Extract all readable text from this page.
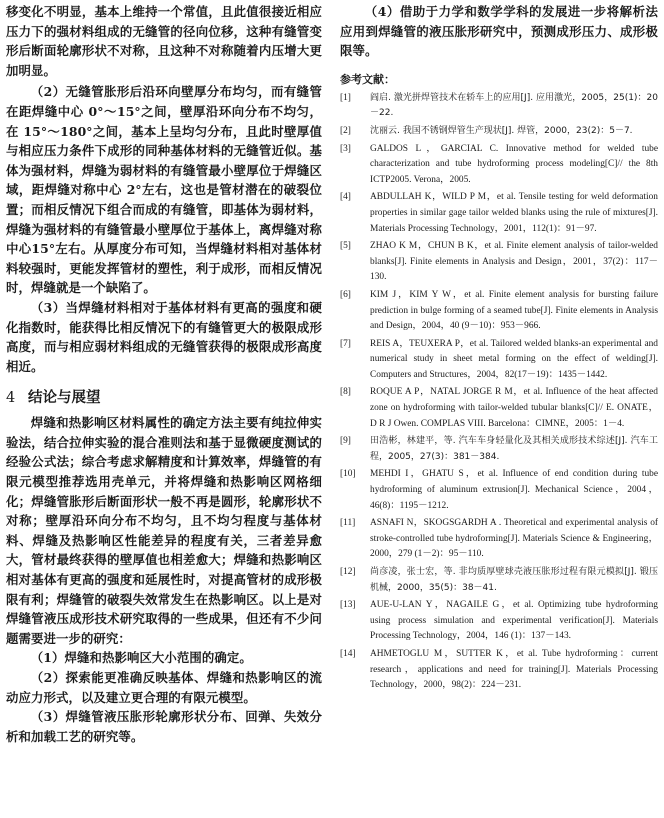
移变化不明显，基本上维持一个常值，且此值很接近相应压力下的强材料组成的无缝管的径向位移，这种有缝管变形后断面轮廓形状不对称，且这种不对称随着内压增大更加明显。

（2）无缝管胀形后沿环向壁厚分布均匀，而有缝管在距焊缝中心 0°～15°之间，壁厚沿环向分布不均匀，在 15°～180°之间，基本上呈均匀分布，且此时壁厚值与相应压力条件下成形的同种基体材料的无缝管近似。基体为强材料，焊缝为弱材料的有缝管最小壁厚位于焊缝区域，距焊缝对称中心 2°左右，这也是管材潜在的破裂位置；而相反情况下组合而成的有缝管，即基体为弱材料，焊缝为强材料的有缝管最小壁厚位于基体上，离焊缝对称中心15°左右。从厚度分布可知，当焊缝材料相对基体材料较强时，更能发挥管材的塑性，利于成形，而相反情况时，焊缝就是一个缺陷了。

（3）当焊缝材料相对于基体材料有更高的强度和硬化指数时，能获得比相反情况下的有缝管更大的极限成形高度，而与相应弱材料组成的无缝管获得的极限成形高度相近。

4 结论与展望

焊缝和热影响区材料属性的确定方法主要有纯拉伸实验法，结合拉伸实验的混合准则法和基于显微硬度测试的经验公式法；综合考虑求解精度和计算效率，焊缝管的有限元模型推荐选用壳单元，并将焊缝和热影响区网格细化；焊缝管胀形后断面形状一般不再是圆形，轮廓形状不对称；壁厚沿环向分布不均匀，且不均匀程度与基体材料、焊缝及热影响区性能差异的程度有关，三者差异愈大，管材最终获得的壁厚值也相差愈大；焊缝和热影响区相对基体有更高的强度和延展性时，对提高管材的成形极限有利；焊缝管的破裂失效常发生在热影响区。以上是对焊缝管液压成形技术研究取得的一些成果，但还有不少问题需要进一步的研究：

（1）焊缝和热影响区大小范围的确定。

（2）探索能更准确反映基体、焊缝和热影响区的流动应力形式，以及建立更合理的有限元模型。

（3）焊缝管液压胀形轮廓形状分布、回弹、失效分析和加载工艺的研究等。

（4）借助于力学和数学学科的发展进一步将解析法应用到焊缝管的液压胀形研究中，预测成形压力、成形极限等。

参考文献：
[1]	阎启. 激光拼焊管技术在轿车上的应用[J]. 应用激光，2005，25(1)：20－22.
[2]	沈丽云. 我国不锈钢焊管生产现状[J]. 焊管，2000，23(2)：5－7.
[3]	GALDOS L，GARCIAL C. Innovative method for welded tube characterization and tube hydroforming process modeling[C]// the 8th ICTP2005. Verona，2005.
[4]	ABDULLAH K，WILD P M，et al. Tensile testing for weld deformation properties in similar gage tailor welded blanks using the rule of mixtures[J]. Materials Processing Technology，2001，112(1)：91－97.
[5]	ZHAO K M，CHUN B K，et al. Finite element analysis of tailor-welded blanks[J]. Finite elements in Analysis and Design，2001，37(2)：117－130.
[6]	KIM J，KIM Y W，et al. Finite element analysis for bursting failure prediction in bulge forming of a seamed tube[J]. Finite elements in Analysis and Design，2004，40 (9－10)：953－966.
[7]	REIS A，TEUXERA P，et al. Tailored welded blanks-an experimental and numerical study in sheet metal forming on the effect of welding[J]. Computers and Structures，2004，82(17－19)：1435－1442.
[8]	ROQUE A P，NATAL JORGE R M，et al. Influence of the heat affected zone on hydroforming with tailor-welded tubular blanks[C]// E. ONATE，D R J Owen. COMPLAS VIII. Barcelona：CIMNE，2005：1－4.
[9]	田浩彬，林建平，等. 汽车车身轻量化及其相关成形技术综述[J]. 汽车工程，2005，27(3)：381－384.
[10]	MEHDI I，GHATU S，et al. Influence of end condition during tube hydroforming of aluminum extrusion[J]. Mechanical Science，2004，46(8)：1195－1212.
[11]	ASNAFI N，SKOGSGARDH A . Theoretical and experimental analysis of stroke-controlled tube hydroforming[J]. Materials Science & Engineering，2000，279 (1－2)：95－110.
[12]	尚彦凌，张士宏，等. 非均质厚壁球壳液压胀形过程有限元模拟[J]. 锻压机械，2000，35(5)：38－41.
[13]	AUE-U-LAN Y，NAGAILE G，et al. Optimizing tube hydroforming using process simulation and experimental verification[J]. Materials Processing Technology，2004，146 (1)：137－143.
[14]	AHMETOGLU M，SUTTER K，et al. Tube hydroforming：current research，applications and need for training[J]. Materials Processing Technology，2000，98(2)：224－231.
